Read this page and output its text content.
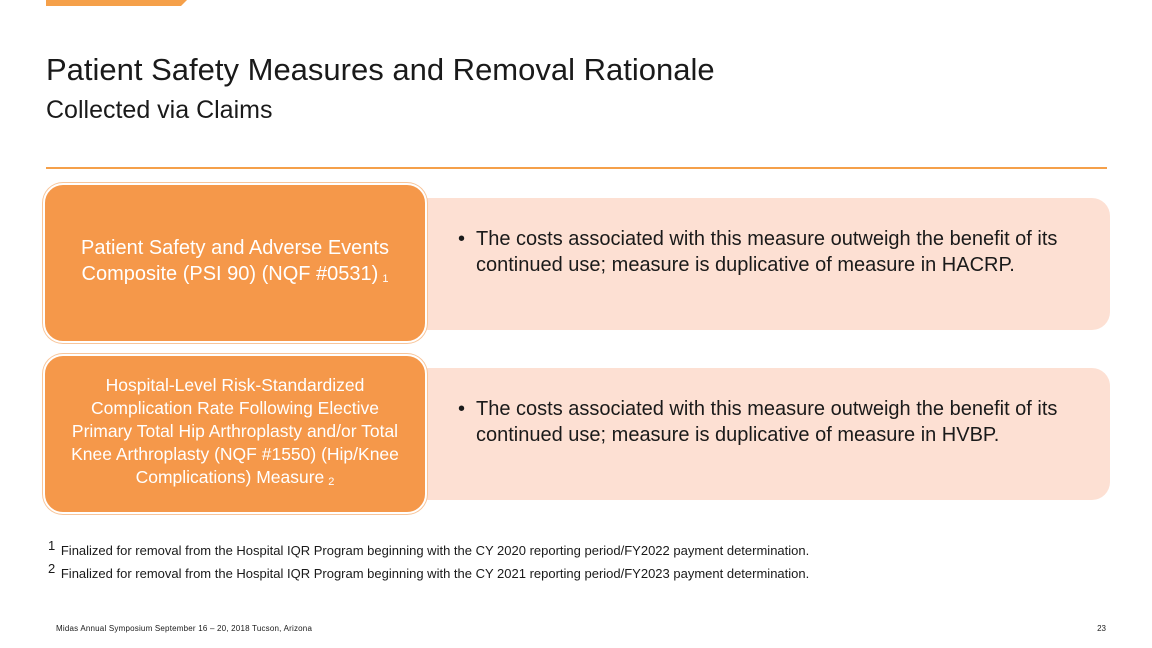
Patient Safety Measures and Removal Rationale
Collected via Claims
• The costs associated with this measure outweigh the benefit of its continued use; measure is duplicative of measure in HACRP.
Patient Safety and Adverse Events Composite (PSI 90) (NQF #0531) 1
• The costs associated with this measure outweigh the benefit of its continued use; measure is duplicative of measure in HVBP.
Hospital-Level Risk-Standardized Complication Rate Following Elective Primary Total Hip Arthroplasty and/or Total Knee Arthroplasty (NQF #1550) (Hip/Knee Complications) Measure 2
$^1$ Finalized for removal from the Hospital IQR Program beginning with the CY 2020 reporting period/FY2022 payment determination.
$^2$ Finalized for removal from the Hospital IQR Program beginning with the CY 2021 reporting period/FY2023 payment determination.
Midas Annual Symposium September 16 – 20, 2018 Tucson, Arizona	23
